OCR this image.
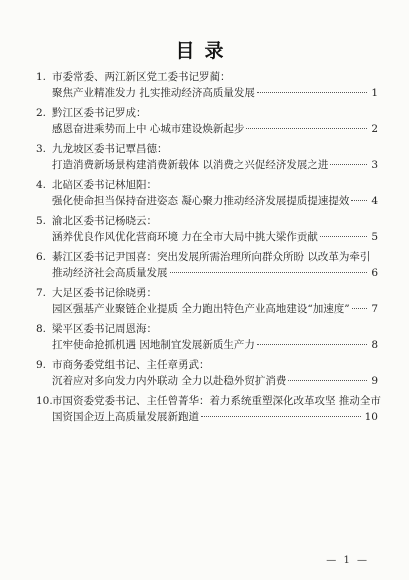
目录
1. 市委常委、两江新区党工委书记罗蔺：
聚焦产业精准发力 扎实推动经济高质量发展	1
2. 黔江区委书记罗成：
感恩奋进乘势而上中 心城市建设焕新起步	2
3. 九龙坡区委书记覃昌德：
打造消费新场景构建消费新载体 以消费之兴促经济发展之进	3
4. 北碚区委书记林旭阳：
强化使命担当保持奋进姿态 凝心聚力推动经济发展提质提速提效 4
5. 渝北区委书记杨晓云：
涵养优良作风优化营商环境 力在全市大局中挑大梁作贡献	5
6. 綦江区委书记尹国喜：突出发展所需治理所向群众所盼 以改革为牵引
推动经济社会高质量发展	6
7. 大足区委书记徐晓勇：
园区强基产业聚链企业提质 全力跑出特色产业高地建设“加速度” 7
8. 梁平区委书记周恩海：
扛牢使命抢抓机遇 因地制宜发展新质生产力	8
9. 市商务委党组书记、主任章勇武：
沉着应对多向发力内外联动 全力以赴稳外贸扩消费	9
10.市国资委党委书记、主任曾菁华：着力系统重塑深化改革攻坚 推动全市
国资国企迈上高质量发展新跑道	10
— 1 —
